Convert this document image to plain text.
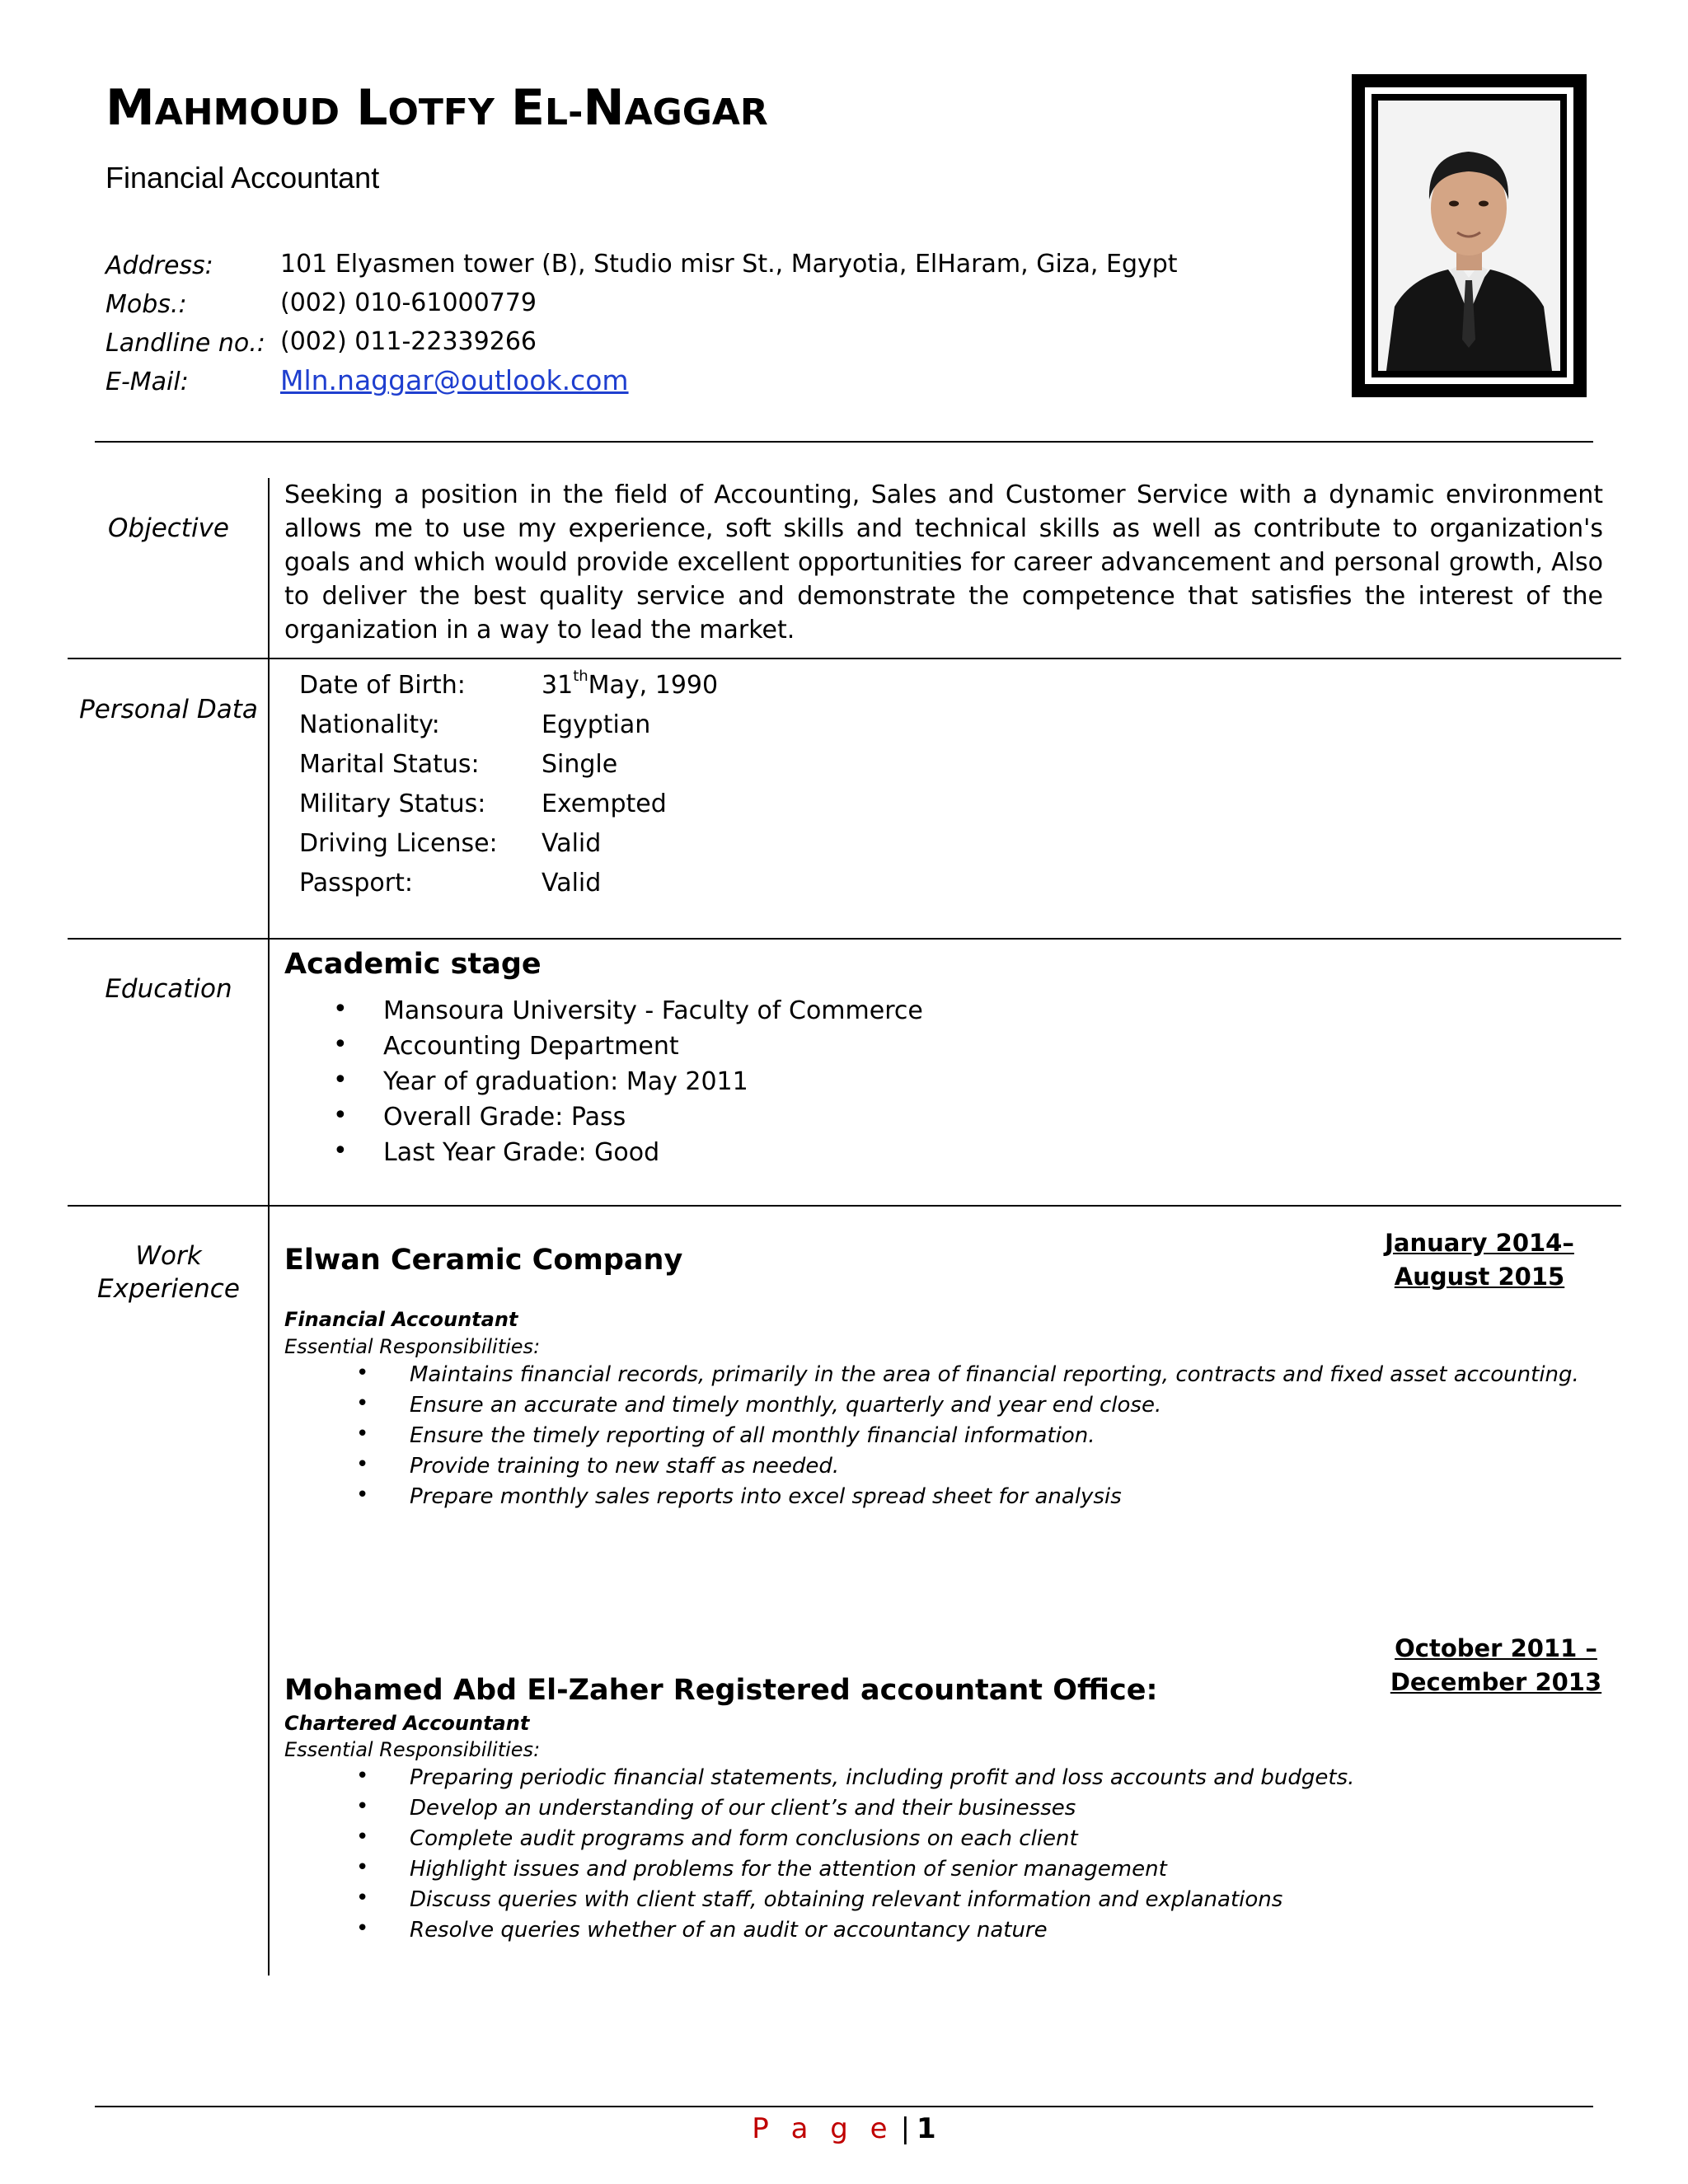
MAHMOUD LOTFY EL-NAGGAR
Financial Accountant
Address:	101 Elyasmen tower (B), Studio misr St., Maryotia, ElHaram, Giza, Egypt
Mobs.:	(002) 010-61000779
Landline no.: (002) 011-22339266
E-Mail:	Mln.naggar@outlook.com
Objective
Seeking a position in the field of Accounting, Sales and Customer Service with a dynamic environment allows me to use my experience, soft skills and technical skills as well as contribute to organization's goals and which would provide excellent opportunities for career advancement and personal growth, Also to deliver the best quality service and demonstrate the competence that satisfies the interest of the organization in a way to lead the market.
Personal Data
Date of Birth:	31thMay, 1990
Nationality:	Egyptian
Marital Status:	Single
Military Status: Exempted
Driving License: Valid
Passport:	Valid
Education
Academic stage
• Mansoura University - Faculty of Commerce
• Accounting Department
• Year of graduation: May 2011
• Overall Grade: Pass
• Last Year Grade: Good
Work
Experience
Elwan Ceramic Company
January 2014–
August 2015
Financial Accountant
Essential Responsibilities:
• Maintains financial records, primarily in the area of financial reporting, contracts and fixed asset accounting.
• Ensure an accurate and timely monthly, quarterly and year end close.
• Ensure the timely reporting of all monthly financial information.
• Provide training to new staff as needed.
• Prepare monthly sales reports into excel spread sheet for analysis
October 2011 –
December 2013
Mohamed Abd El-Zaher Registered accountant Office:
Chartered Accountant
Essential Responsibilities:
• Preparing periodic financial statements, including profit and loss accounts and budgets.
• Develop an understanding of our client’s and their businesses
• Complete audit programs and form conclusions on each client
• Highlight issues and problems for the attention of senior management
• Discuss queries with client staff, obtaining relevant information and explanations
• Resolve queries whether of an audit or accountancy nature
P a g e | 1
